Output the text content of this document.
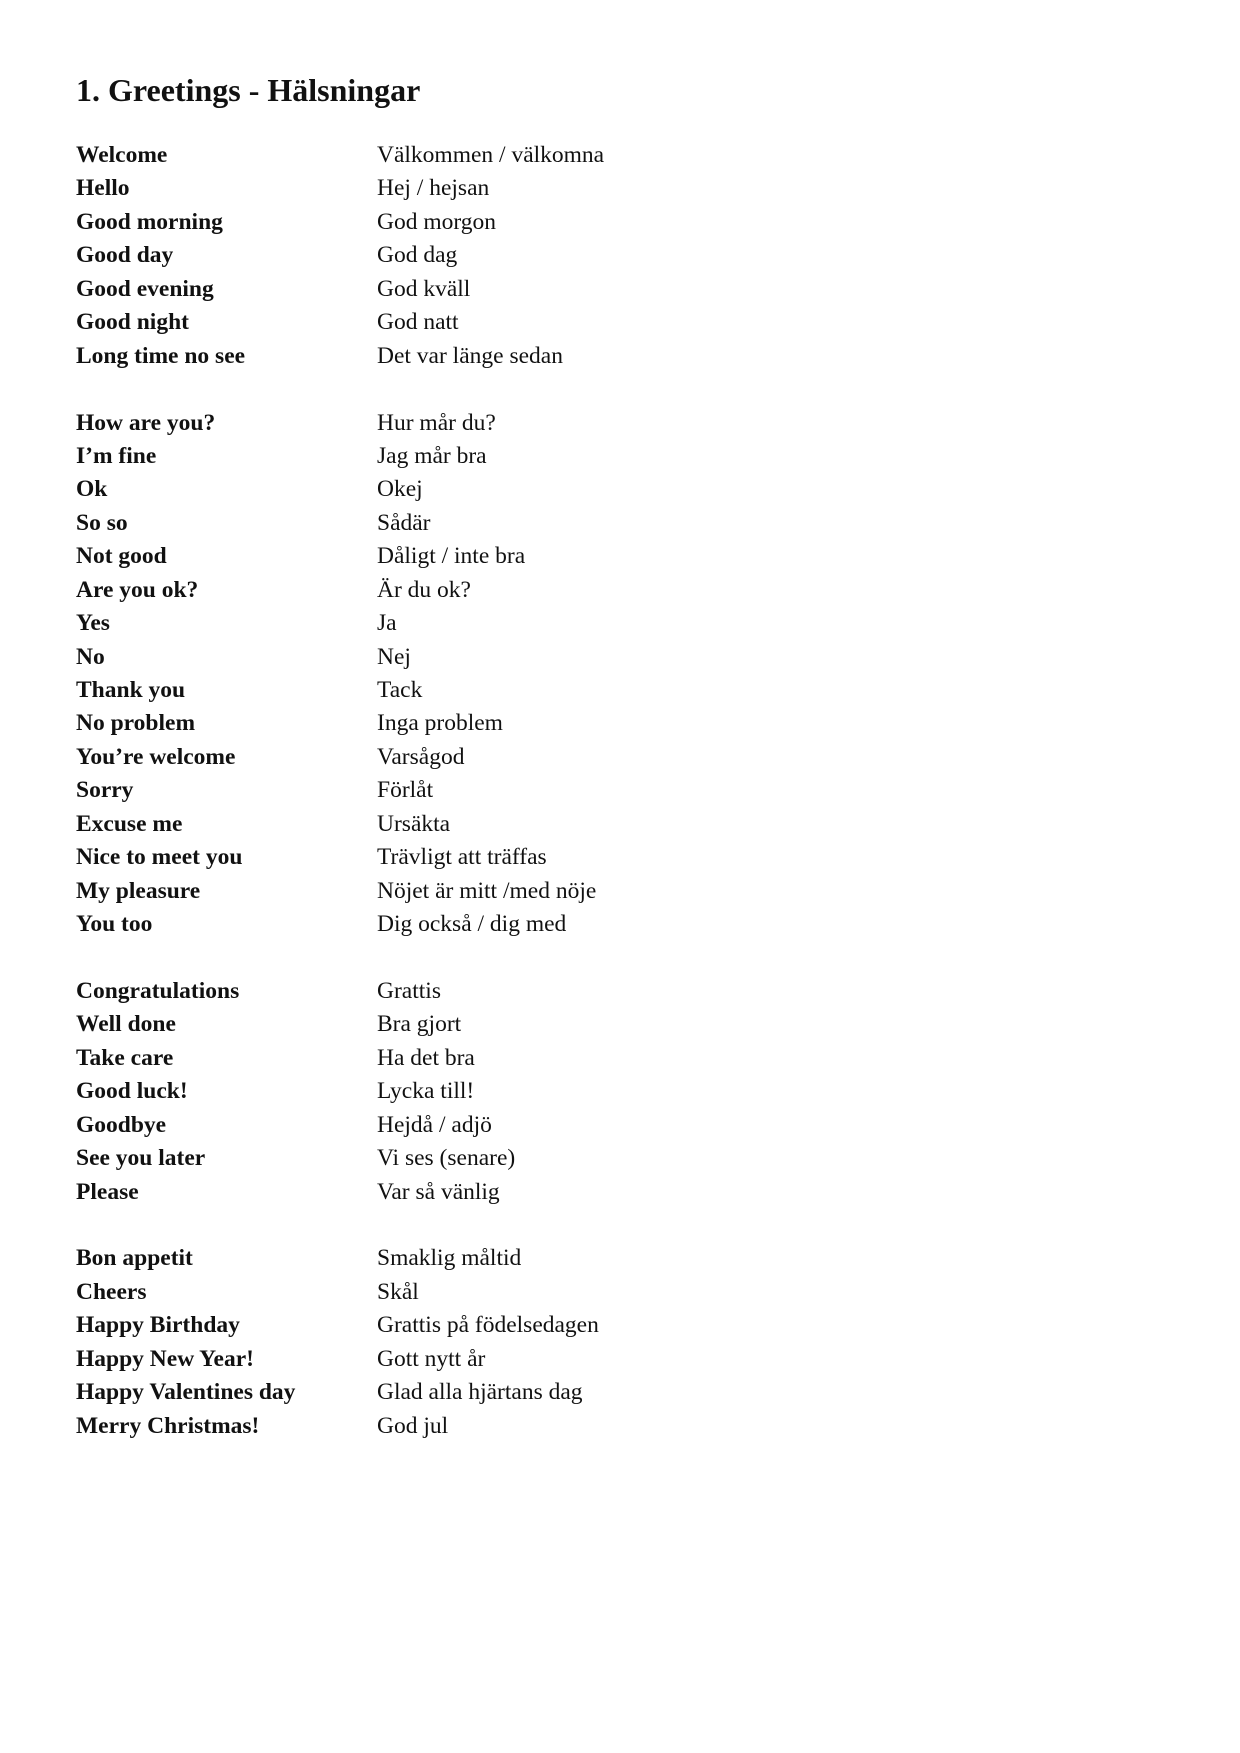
1. Greetings - Hälsningar
Welcome	Välkommen / välkomna
Hello	Hej / hejsan
Good morning	God morgon
Good day	God dag
Good evening	God kväll
Good night	God natt
Long time no see	Det var länge sedan
How are you?	Hur mår du?
I’m fine	Jag mår bra
Ok	Okej
So so	Sådär
Not good	Dåligt / inte bra
Are you ok?	Är du ok?
Yes	Ja
No	Nej
Thank you	Tack
No problem	Inga problem
You’re welcome	Varsågod
Sorry	Förlåt
Excuse me	Ursäkta
Nice to meet you	Trävligt att träffas
My pleasure	Nöjet är mitt /med nöje
You too	Dig också / dig med
Congratulations	Grattis
Well done	Bra gjort
Take care	Ha det bra
Good luck!	Lycka till!
Goodbye	Hejdå / adjö
See you later	Vi ses (senare)
Please	Var så vänlig
Bon appetit	Smaklig måltid
Cheers	Skål
Happy Birthday	Grattis på födelsedagen
Happy New Year!	Gott nytt år
Happy Valentines day	Glad alla hjärtans dag
Merry Christmas!	God jul
